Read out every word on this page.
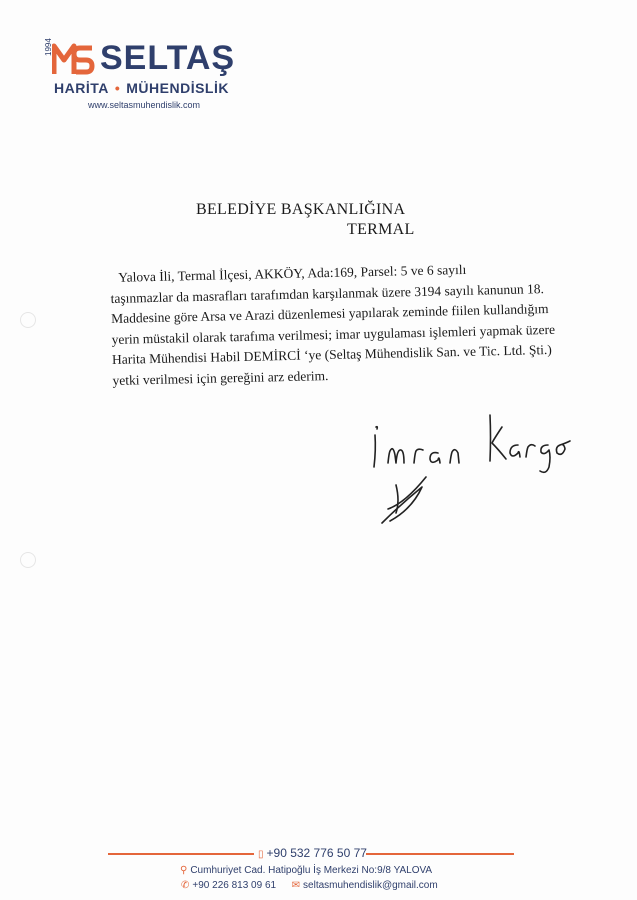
1994 SELTAŞ
HARİTA • MÜHENDİSLİK
www.seltasmuhendislik.com
BELEDİYE BAŞKANLIĞINA
TERMAL
Yalova İli, Termal İlçesi, AKKÖY, Ada:169, Parsel: 5 ve 6 sayılı
taşınmazlar da masrafları tarafımdan karşılanmak üzere 3194 sayılı kanunun 18.
Maddesine göre Arsa ve Arazi düzenlemesi yapılarak zeminde fiilen kullandığım
yerin müstakil olarak tarafıma verilmesi; imar uygulaması işlemleri yapmak üzere
Harita Mühendisi Habil DEMİRCİ ‘ye (Seltaş Mühendislik San. ve Tic. Ltd. Şti.)
yetki verilmesi için gereğini arz ederim.
▯ +90 532 776 50 77
⚲ Cumhuriyet Cad. Hatipoğlu İş Merkezi No:9/8 YALOVA
✆ +90 226 813 09 61 ✉ seltasmuhendislik@gmail.com
